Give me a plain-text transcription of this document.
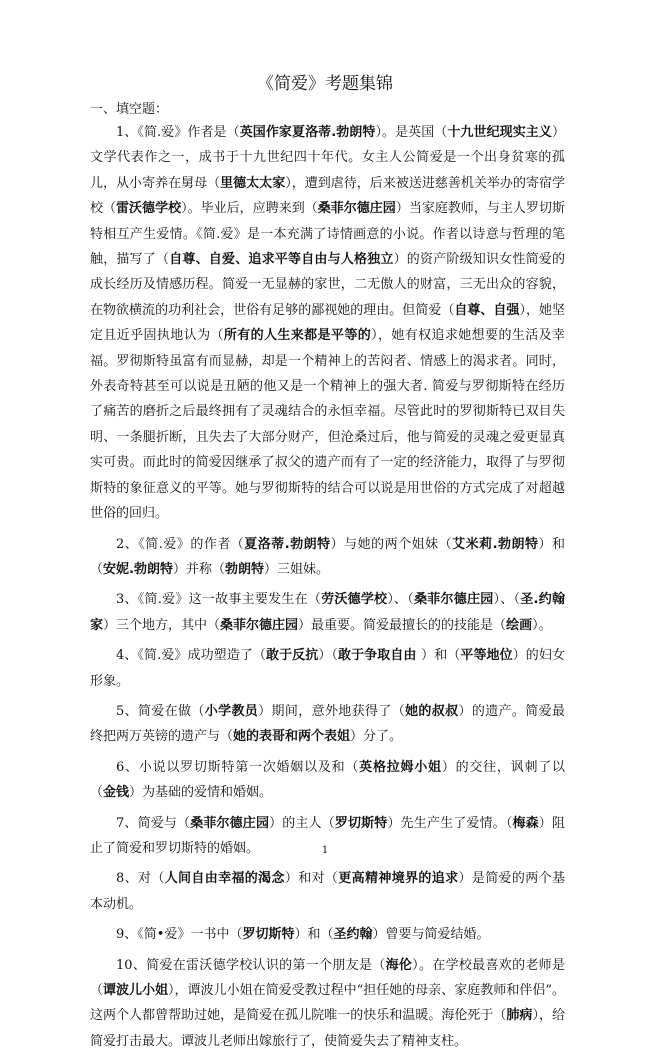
《简爱》考题集锦
一、填空题：

1、《简.爱》作者是（英国作家夏洛蒂.勃朗特）。是英国（十九世纪现实主义）文学代表作之一，成书于十九世纪四十年代。女主人公简爱是一个出身贫寒的孤儿，从小寄养在舅母（里德太太家），遭到虐待，后来被送进慈善机关举办的寄宿学校（雷沃德学校）。毕业后，应聘来到（桑菲尔德庄园）当家庭教师，与主人罗切斯特相互产生爱情。《简.爱》是一本充满了诗情画意的小说。作者以诗意与哲理的笔触，描写了（自尊、自爱、追求平等自由与人格独立）的资产阶级知识女性简爱的成长经历及情感历程。简爱一无显赫的家世，二无傲人的财富，三无出众的容貌，在物欲横流的功利社会，世俗有足够的鄙视她的理由。但简爱（自尊、自强），她坚定且近乎固执地认为（所有的人生来都是平等的），她有权追求她想要的生活及幸福。罗彻斯特虽富有而显赫，却是一个精神上的苦闷者、情感上的渴求者。同时，外表奇特甚至可以说是丑陋的他又是一个精神上的强大者. 简爱与罗彻斯特在经历了痛苦的磨折之后最终拥有了灵魂结合的永恒幸福。尽管此时的罗彻斯特已双目失明、一条腿折断，且失去了大部分财产，但沧桑过后，他与简爱的灵魂之爱更显真实可贵。而此时的简爱因继承了叔父的遗产而有了一定的经济能力，取得了与罗彻斯特的象征意义的平等。她与罗彻斯特的结合可以说是用世俗的方式完成了对超越世俗的回归。

2、《简.爱》的作者（夏洛蒂.勃朗特）与她的两个姐妹（艾米莉.勃朗特）和（安妮.勃朗特）并称（勃朗特）三姐妹。

3、《简.爱》这一故事主要发生在（劳沃德学校）、（桑菲尔德庄园）、（圣.约翰家）三个地方，其中（桑菲尔德庄园）最重要。简爱最擅长的的技能是（绘画）。

4、《简.爱》成功塑造了（敢于反抗）（敢于争取自由 ）和（平等地位）的妇女形象。

5、简爱在做（小学教员）期间，意外地获得了（她的叔叔）的遗产。简爱最终把两万英镑的遗产与（她的表哥和两个表姐）分了。

6、小说以罗切斯特第一次婚姻以及和（英格拉姆小姐）的交往，讽刺了以（金钱）为基础的爱情和婚姻。

7、简爱与（桑菲尔德庄园）的主人（罗切斯特）先生产生了爱情。（梅森）阻止了简爱和罗切斯特的婚姻。

8、对（人间自由幸福的渴念）和对（更高精神境界的追求）是简爱的两个基本动机。

9、《简•爱》一书中（罗切斯特）和（圣约翰）曾要与简爱结婚。

10、简爱在雷沃德学校认识的第一个朋友是（海伦）。在学校最喜欢的老师是（谭波儿小姐），谭波儿小姐在简爱受教过程中“担任她的母亲、家庭教师和伴侣”。这两个人都曾帮助过她，是简爱在孤儿院唯一的快乐和温暖。海伦死于（肺病），给简爱打击最大。谭波儿老师出嫁旅行了，使简爱失去了精神支柱。

1
